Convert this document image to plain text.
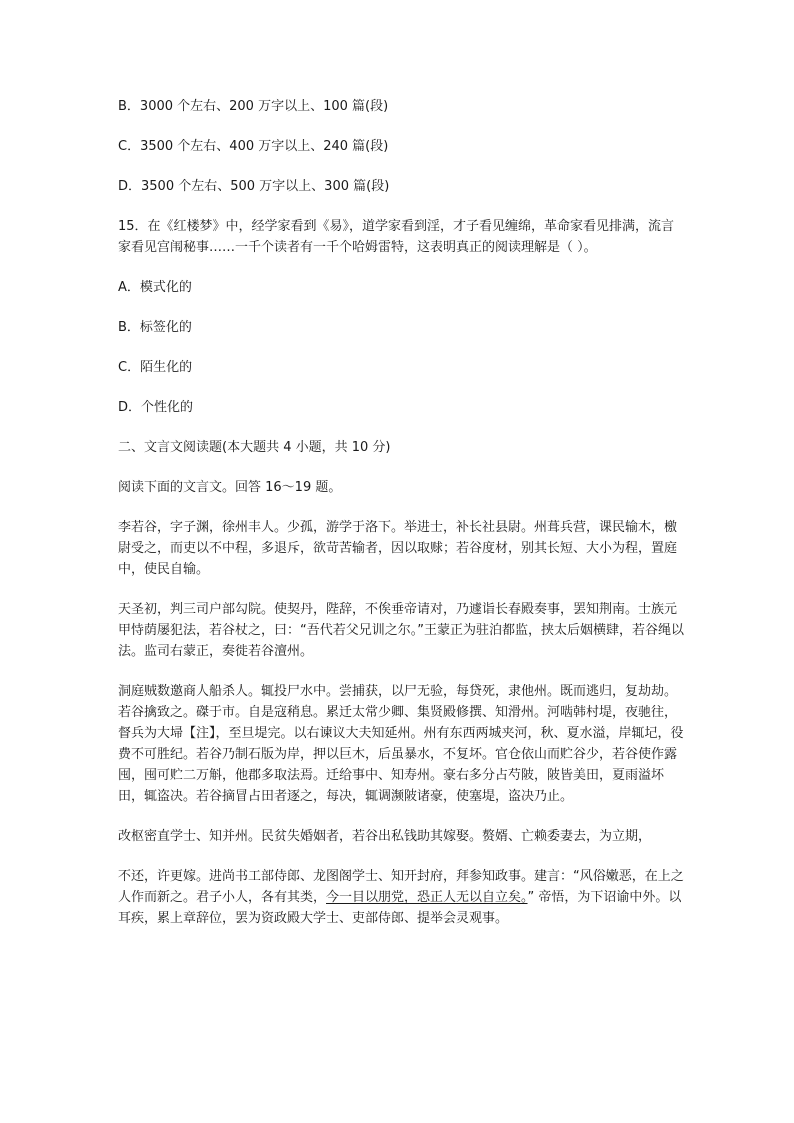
B．3000 个左右、200 万字以上、100 篇(段)

C．3500 个左右、400 万字以上、240 篇(段)

D．3500 个左右、500 万字以上、300 篇(段)

15．在《红楼梦》中，经学家看到《易》，道学家看到淫，才子看见缠绵，革命家看见排满，流言家看见宫闱秘事……一千个读者有一千个哈姆雷特，这表明真正的阅读理解是（ ）。

A．模式化的

B．标签化的

C．陌生化的

D．个性化的

二、文言文阅读题(本大题共 4 小题，共 10 分)

阅读下面的文言文。回答 16～19 题。

李若谷，字子渊，徐州丰人。少孤，游学于洛下。举进士，补长社县尉。州葺兵营，课民输木，檄尉受之，而吏以不中程，多退斥，欲苛苦输者，因以取赇；若谷度材，别其长短、大小为程，置庭中，使民自输。

天圣初，判三司户部勾院。使契丹，陛辞，不俟垂帝请对，乃遽诣长春殿奏事，罢知荆南。士族元甲恃荫屡犯法，若谷杖之，曰：“吾代若父兄训之尔。”王蒙正为驻泊都监，挟太后姻横肆，若谷绳以法。监司右蒙正，奏徙若谷澶州。

洞庭贼数邀商人船杀人。辄投尸水中。尝捕获，以尸无验，每贷死，隶他州。既而逃归，复劫劫。若谷擒致之。磔于市。自是寇稍息。累迁太常少卿、集贤殿修撰、知滑州。河啮韩村堤，夜驰往，督兵为大埽【注】，至旦堤完。以右谏议大夫知延州。州有东西两城夹河，秋、夏水溢，岸辄圮，役费不可胜纪。若谷乃制石版为岸，押以巨木，后虽暴水，不复坏。官仓依山而贮谷少，若谷使作露囤，囤可贮二万斛，他郡多取法焉。迁给事中、知寿州。豪右多分占芍陂，陂皆美田，夏雨溢坏田，辄盗决。若谷摘冒占田者逐之，每决，辄调濒陂诸豪，使塞堤，盗决乃止。

改枢密直学士、知并州。民贫失婚姻者，若谷出私钱助其嫁娶。赘婿、亡赖委妻去，为立期，

不还，许更嫁。进尚书工部侍郎、龙图阁学士、知开封府，拜参知政事。建言：“风俗嫩恶，在上之人作而新之。君子小人，各有其类，今一目以朋党，恐正人无以自立矣。” 帝悟，为下诏谕中外。以耳疾，累上章辞位，罢为资政殿大学士、吏部侍郎、提举会灵观事。
